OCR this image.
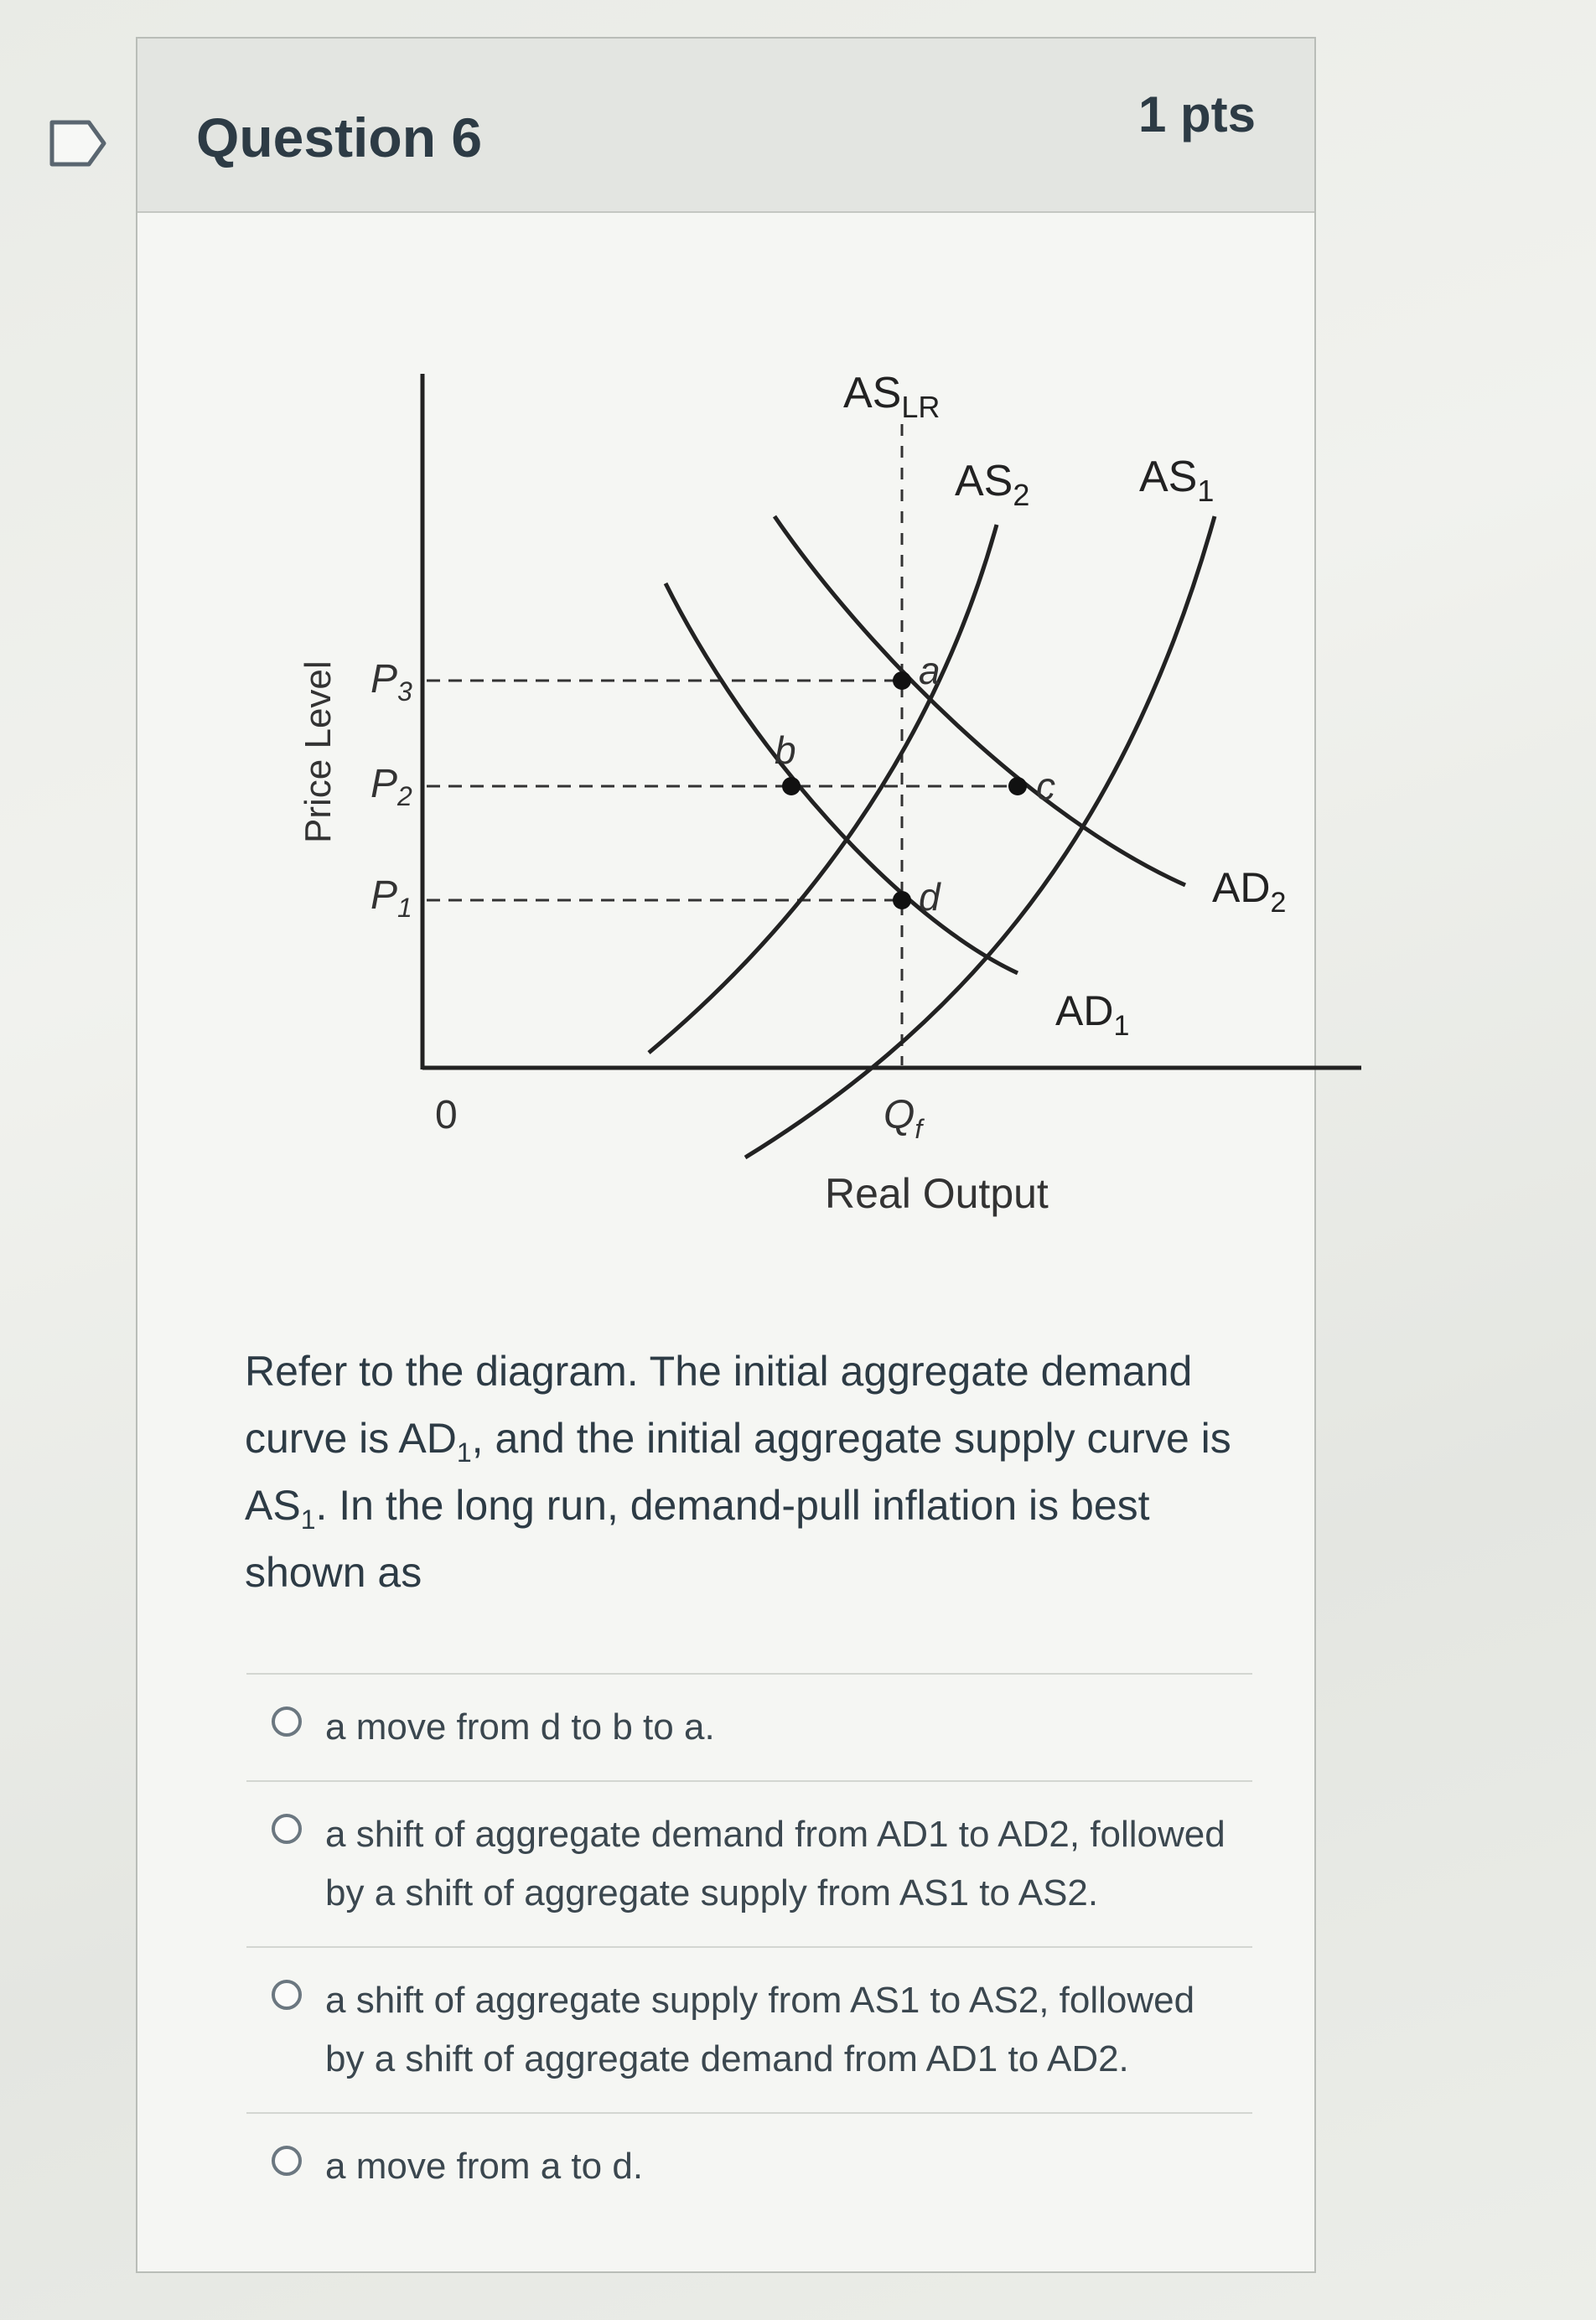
Question 6	1 pts
Price Level $P_3$
$P_2$
$P_1$
$AS_{LR}$
$AS_2$	$AS_1$
$AD_1$
$AD_2$
a
b
c
d
0	$Q_f$
Real Output
Refer to the diagram. The initial aggregate demand curve is $AD_1$, and the initial aggregate supply curve is $AS_1$. In the long run, demand-pull inflation is best shown as
a move from d to b to a.
a shift of aggregate demand from AD1 to AD2, followed by a shift of aggregate supply from AS1 to AS2.
a shift of aggregate supply from AS1 to AS2, followed by a shift of aggregate demand from AD1 to AD2.
a move from a to d.
